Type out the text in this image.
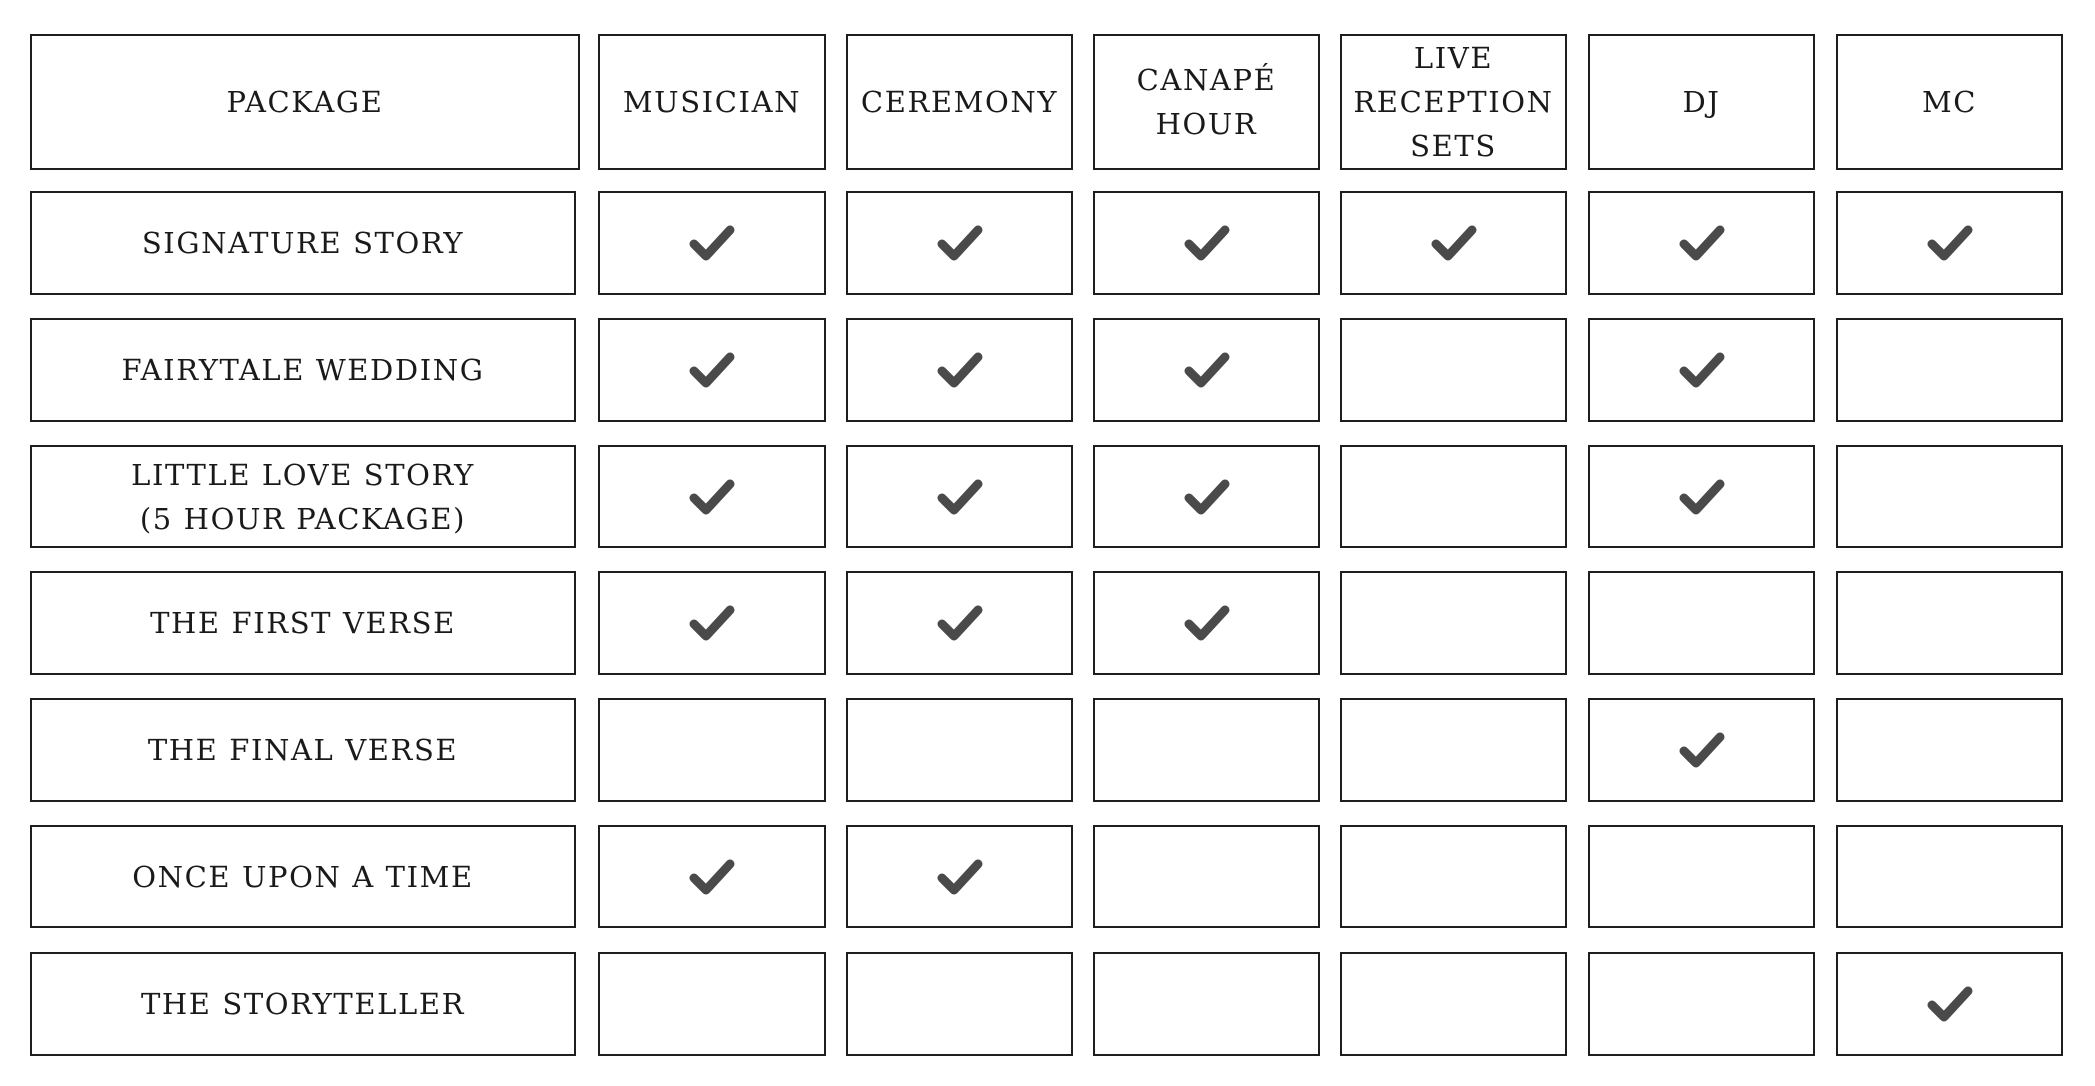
PACKAGE	MUSICIAN CEREMONY
CANAPÉ
HOUR
LIVE
RECEPTION
SETS
DJ	MC
SIGNATURE STORY
FAIRYTALE WEDDING
LITTLE LOVE STORY
(5 HOUR PACKAGE)
THE FIRST VERSE
THE FINAL VERSE
ONCE UPON A TIME
THE STORYTELLER
